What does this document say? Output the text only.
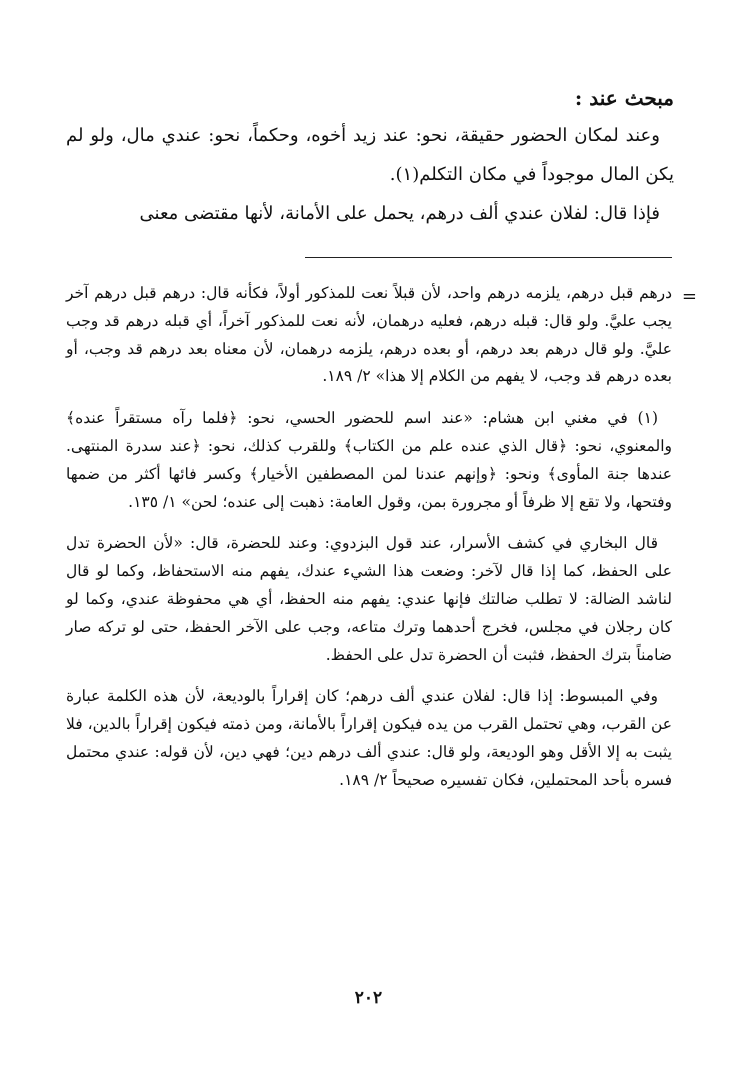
مبحث عند :

وعند لمكان الحضور حقيقة، نحو: عند زيد أخوه، وحكماً، نحو: عندي مال، ولو لم يكن المال موجوداً في مكان التكلم(١).

فإذا قال: لفلان عندي ألف درهم، يحمل على الأمانة، لأنها مقتضى معنى

=

درهم قبل درهم، يلزمه درهم واحد، لأن قبلاً نعت للمذكور أولاً، فكأنه قال: درهم قبل درهم آخر يجب عليَّ. ولو قال: قبله درهم، فعليه درهمان، لأنه نعت للمذكور آخراً، أي قبله درهم قد وجب عليَّ. ولو قال درهم بعد درهم، أو بعده درهم، يلزمه درهمان، لأن معناه بعد درهم قد وجب، أو بعده درهم قد وجب، لا يفهم من الكلام إلا هذا» ٢/ ١٨٩.

(١) في مغني ابن هشام: «عند اسم للحضور الحسي، نحو: ﴿فلما رآه مستقراً عنده﴾ والمعنوي، نحو: ﴿قال الذي عنده علم من الكتاب﴾ وللقرب كذلك، نحو: ﴿عند سدرة المنتهى. عندها جنة المأوى﴾ ونحو: ﴿وإنهم عندنا لمن المصطفين الأخيار﴾ وكسر فائها أكثر من ضمها وفتحها، ولا تقع إلا ظرفاً أو مجرورة بمن، وقول العامة: ذهبت إلى عنده؛ لحن» ١/ ١٣٥.

قال البخاري في كشف الأسرار، عند قول البزدوي: وعند للحضرة، قال: «لأن الحضرة تدل على الحفظ، كما إذا قال لآخر: وضعت هذا الشيء عندك، يفهم منه الاستحفاظ، وكما لو قال لناشد الضالة: لا تطلب ضالتك فإنها عندي: يفهم منه الحفظ، أي هي محفوظة عندي، وكما لو كان رجلان في مجلس، فخرج أحدهما وترك متاعه، وجب على الآخر الحفظ، حتى لو تركه صار ضامناً بترك الحفظ، فثبت أن الحضرة تدل على الحفظ.

وفي المبسوط: إذا قال: لفلان عندي ألف درهم؛ كان إقراراً بالوديعة، لأن هذه الكلمة عبارة عن القرب، وهي تحتمل القرب من يده فيكون إقراراً بالأمانة، ومن ذمته فيكون إقراراً بالدين، فلا يثبت به إلا الأقل وهو الوديعة، ولو قال: عندي ألف درهم دين؛ فهي دين، لأن قوله: عندي محتمل فسره بأحد المحتملين، فكان تفسيره صحيحاً ٢/ ١٨٩.

٢٠٢
